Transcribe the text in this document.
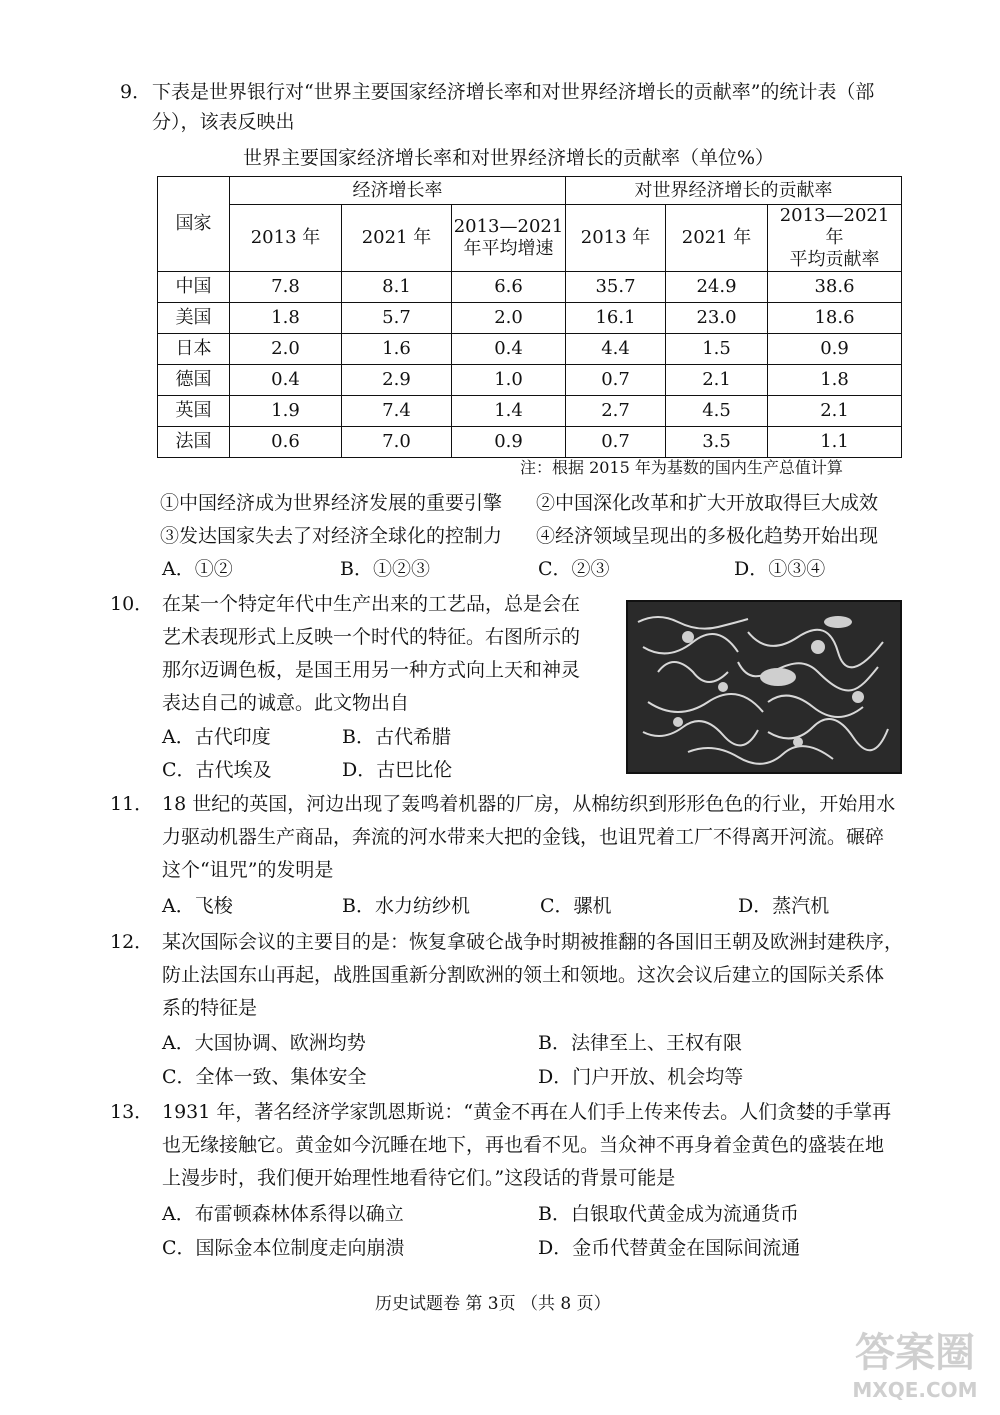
9． 下表是世界银行对“世界主要国家经济增长率和对世界经济增长的贡献率”的统计表（部
分），该表反映出
世界主要国家经济增长率和对世界经济增长的贡献率（单位%）
国家	经济增长率			对世界经济增长的贡献率		
	2013 年	2021 年	2013—2021
年平均增速	2013 年	2021 年	2013—2021 年
平均贡献率
中国	7.8	8.1	6.6	35.7	24.9	38.6
美国	1.8	5.7	2.0	16.1	23.0	18.6
日本	2.0	1.6	0.4	4.4	1.5	0.9
德国	0.4	2.9	1.0	0.7	2.1	1.8
英国	1.9	7.4	1.4	2.7	4.5	2.1
法国	0.6	7.0	0.9	0.7	3.5	1.1
注：根据 2015 年为基数的国内生产总值计算
①中国经济成为世界经济发展的重要引擎 ②中国深化改革和扩大开放取得巨大成效
③发达国家失去了对经济全球化的控制力 ④经济领域呈现出的多极化趋势开始出现
A．①②	B．①②③	C．②③	D．①③④
10． 在某一个特定年代中生产出来的工艺品，总是会在
艺术表现形式上反映一个时代的特征。右图所示的
那尔迈调色板，是国王用另一种方式向上天和神灵
表达自己的诚意。此文物出自
A．古代印度	B．古代希腊
C．古代埃及	D．古巴比伦
11． 18 世纪的英国，河边出现了轰鸣着机器的厂房，从棉纺织到形形色色的行业，开始用水
力驱动机器生产商品，奔流的河水带来大把的金钱，也诅咒着工厂不得离开河流。碾碎
这个“诅咒”的发明是
A．飞梭	B．水力纺纱机	C．骡机	D．蒸汽机
12． 某次国际会议的主要目的是：恢复拿破仑战争时期被推翻的各国旧王朝及欧洲封建秩序，
防止法国东山再起，战胜国重新分割欧洲的领土和领地。这次会议后建立的国际关系体
系的特征是
A．大国协调、欧洲均势	B．法律至上、王权有限
C．全体一致、集体安全	D．门户开放、机会均等
13． 1931 年，著名经济学家凯恩斯说：“黄金不再在人们手上传来传去。人们贪婪的手掌再
也无缘接触它。黄金如今沉睡在地下，再也看不见。当众神不再身着金黄色的盛装在地
上漫步时，我们便开始理性地看待它们。”这段话的背景可能是
A．布雷顿森林体系得以确立	B．白银取代黄金成为流通货币
C．国际金本位制度走向崩溃	D．金币代替黄金在国际间流通
历史试题卷 第 3页 （共 8 页）
答案圈
MXQE.COM
